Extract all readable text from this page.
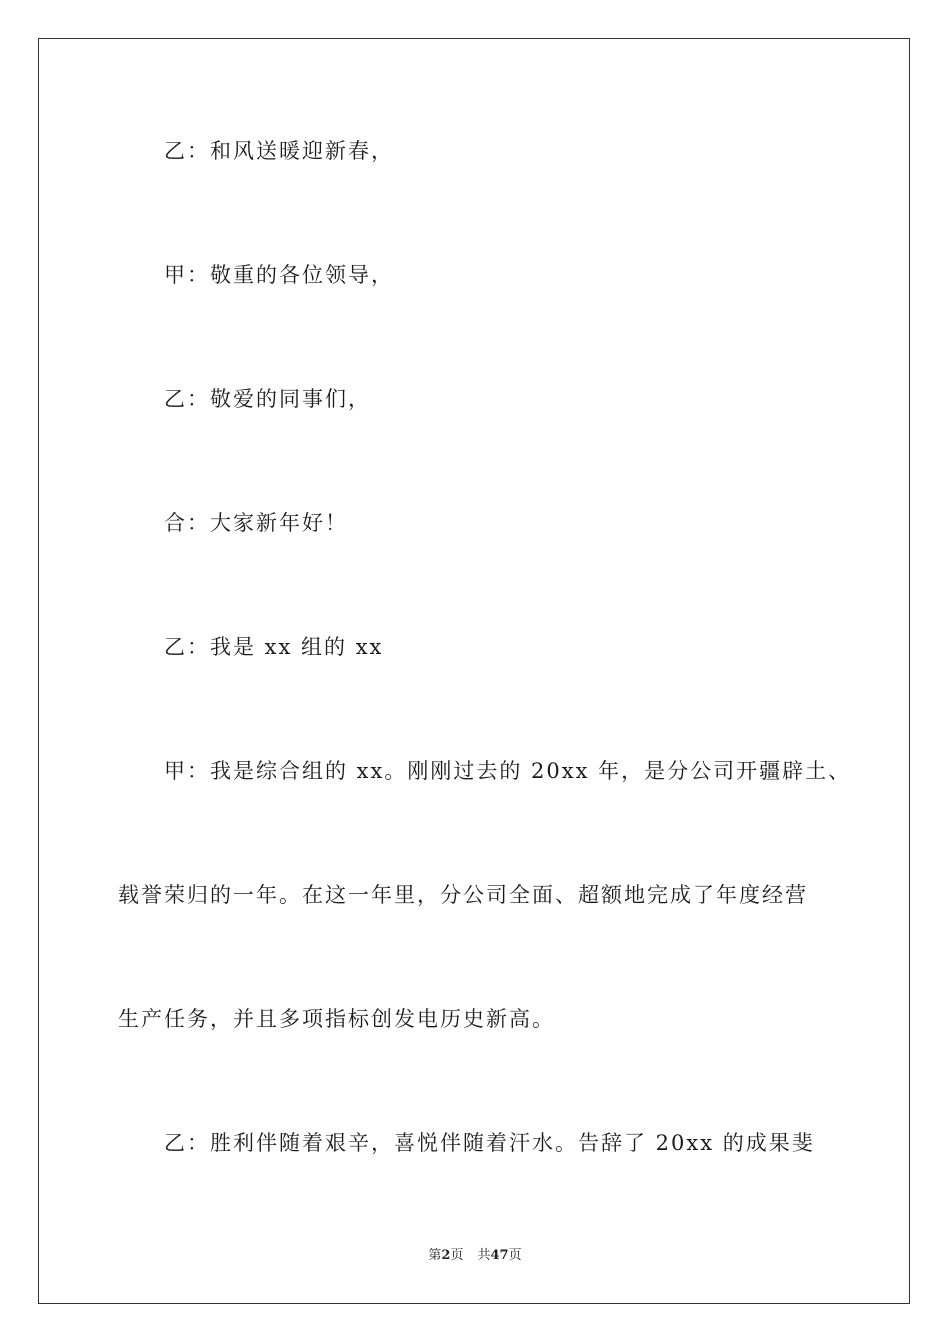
乙：和风送暖迎新春，

甲：敬重的各位领导，

乙：敬爱的同事们，

合：大家新年好！

乙：我是 xx 组的 xx

甲：我是综合组的 xx。刚刚过去的 20xx 年，是分公司开疆辟土、

载誉荣归的一年。在这一年里，分公司全面、超额地完成了年度经营

生产任务，并且多项指标创发电历史新高。

乙：胜利伴随着艰辛，喜悦伴随着汗水。告辞了 20xx 的成果斐

第2页 共47页
